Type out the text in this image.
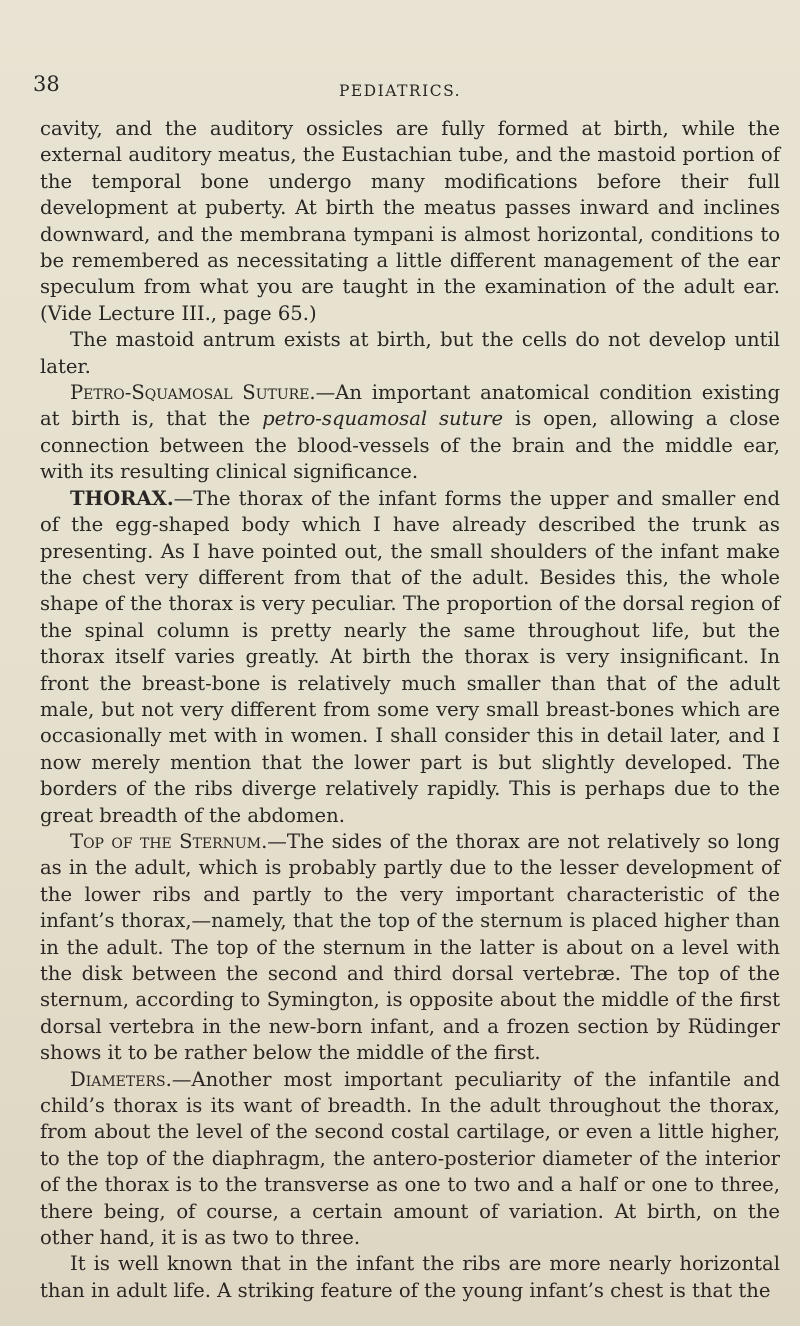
38	PEDIATRICS.

cavity, and the auditory ossicles are fully formed at birth, while the external auditory meatus, the Eustachian tube, and the mastoid portion of the temporal bone undergo many modifications before their full development at puberty. At birth the meatus passes inward and inclines downward, and the membrana tympani is almost horizontal, conditions to be remembered as necessitating a little different management of the ear speculum from what you are taught in the examination of the adult ear. (Vide Lecture III., page 65.)

The mastoid antrum exists at birth, but the cells do not develop until later.

Petro-Squamosal Suture.—An important anatomical condition existing at birth is, that the petro-squamosal suture is open, allowing a close connection between the blood-vessels of the brain and the middle ear, with its resulting clinical significance.

THORAX.—The thorax of the infant forms the upper and smaller end of the egg-shaped body which I have already described the trunk as presenting. As I have pointed out, the small shoulders of the infant make the chest very different from that of the adult. Besides this, the whole shape of the thorax is very peculiar. The proportion of the dorsal region of the spinal column is pretty nearly the same throughout life, but the thorax itself varies greatly. At birth the thorax is very insignificant. In front the breast-bone is relatively much smaller than that of the adult male, but not very different from some very small breast-bones which are occasionally met with in women. I shall consider this in detail later, and I now merely mention that the lower part is but slightly developed. The borders of the ribs diverge relatively rapidly. This is perhaps due to the great breadth of the abdomen.

Top of the Sternum.—The sides of the thorax are not relatively so long as in the adult, which is probably partly due to the lesser development of the lower ribs and partly to the very important characteristic of the infant’s thorax,—namely, that the top of the sternum is placed higher than in the adult. The top of the sternum in the latter is about on a level with the disk between the second and third dorsal vertebræ. The top of the sternum, according to Symington, is opposite about the middle of the first dorsal vertebra in the new-born infant, and a frozen section by Rüdinger shows it to be rather below the middle of the first.

Diameters.—Another most important peculiarity of the infantile and child’s thorax is its want of breadth. In the adult throughout the thorax, from about the level of the second costal cartilage, or even a little higher, to the top of the diaphragm, the antero-posterior diameter of the interior of the thorax is to the transverse as one to two and a half or one to three, there being, of course, a certain amount of variation. At birth, on the other hand, it is as two to three.

It is well known that in the infant the ribs are more nearly horizontal than in adult life. A striking feature of the young infant’s chest is that the
